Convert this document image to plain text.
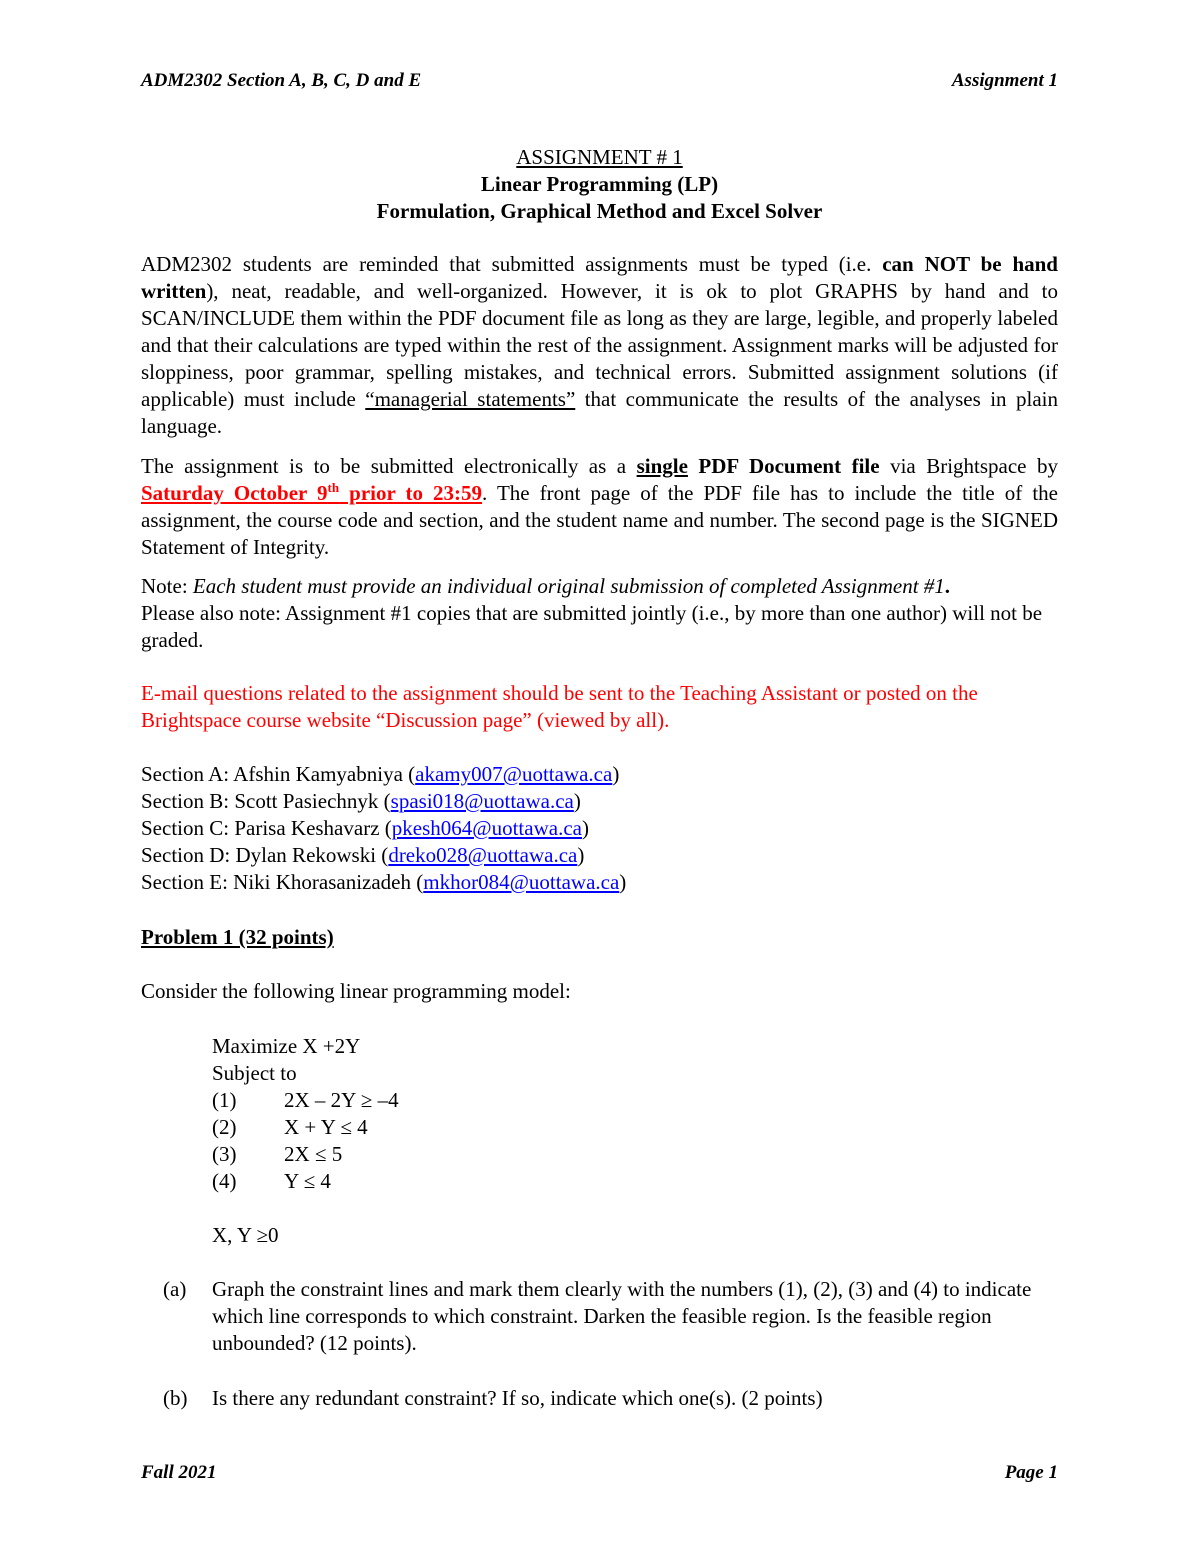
ADM2302 Section A, B, C, D and E	Assignment 1
ASSIGNMENT # 1
Linear Programming (LP)
Formulation, Graphical Method and Excel Solver
ADM2302 students are reminded that submitted assignments must be typed (i.e. can NOT be hand written), neat, readable, and well-organized. However, it is ok to plot GRAPHS by hand and to SCAN/INCLUDE them within the PDF document file as long as they are large, legible, and properly labeled and that their calculations are typed within the rest of the assignment. Assignment marks will be adjusted for sloppiness, poor grammar, spelling mistakes, and technical errors. Submitted assignment solutions (if applicable) must include “managerial statements” that communicate the results of the analyses in plain language.
The assignment is to be submitted electronically as a single PDF Document file via Brightspace by Saturday October 9th prior to 23:59. The front page of the PDF file has to include the title of the assignment, the course code and section, and the student name and number. The second page is the SIGNED Statement of Integrity.
Note: Each student must provide an individual original submission of completed Assignment #1.
Please also note: Assignment #1 copies that are submitted jointly (i.e., by more than one author) will not be graded.
E-mail questions related to the assignment should be sent to the Teaching Assistant or posted on the Brightspace course website “Discussion page” (viewed by all).
Section A: Afshin Kamyabniya (akamy007@uottawa.ca)
Section B: Scott Pasiechnyk (spasi018@uottawa.ca)
Section C: Parisa Keshavarz (pkesh064@uottawa.ca)
Section D: Dylan Rekowski (dreko028@uottawa.ca)
Section E: Niki Khorasanizadeh (mkhor084@uottawa.ca)
Problem 1 (32 points)
Consider the following linear programming model:
Maximize X +2Y
Subject to
(1)	2X – 2Y ≥ –4
(2)	X + Y ≤ 4
(3)	2X ≤ 5
(4)	Y ≤ 4
X, Y ≥0
(a)	Graph the constraint lines and mark them clearly with the numbers (1), (2), (3) and (4) to indicate which line corresponds to which constraint. Darken the feasible region. Is the feasible region unbounded? (12 points).
(b)	Is there any redundant constraint? If so, indicate which one(s). (2 points)
Fall 2021	Page 1
